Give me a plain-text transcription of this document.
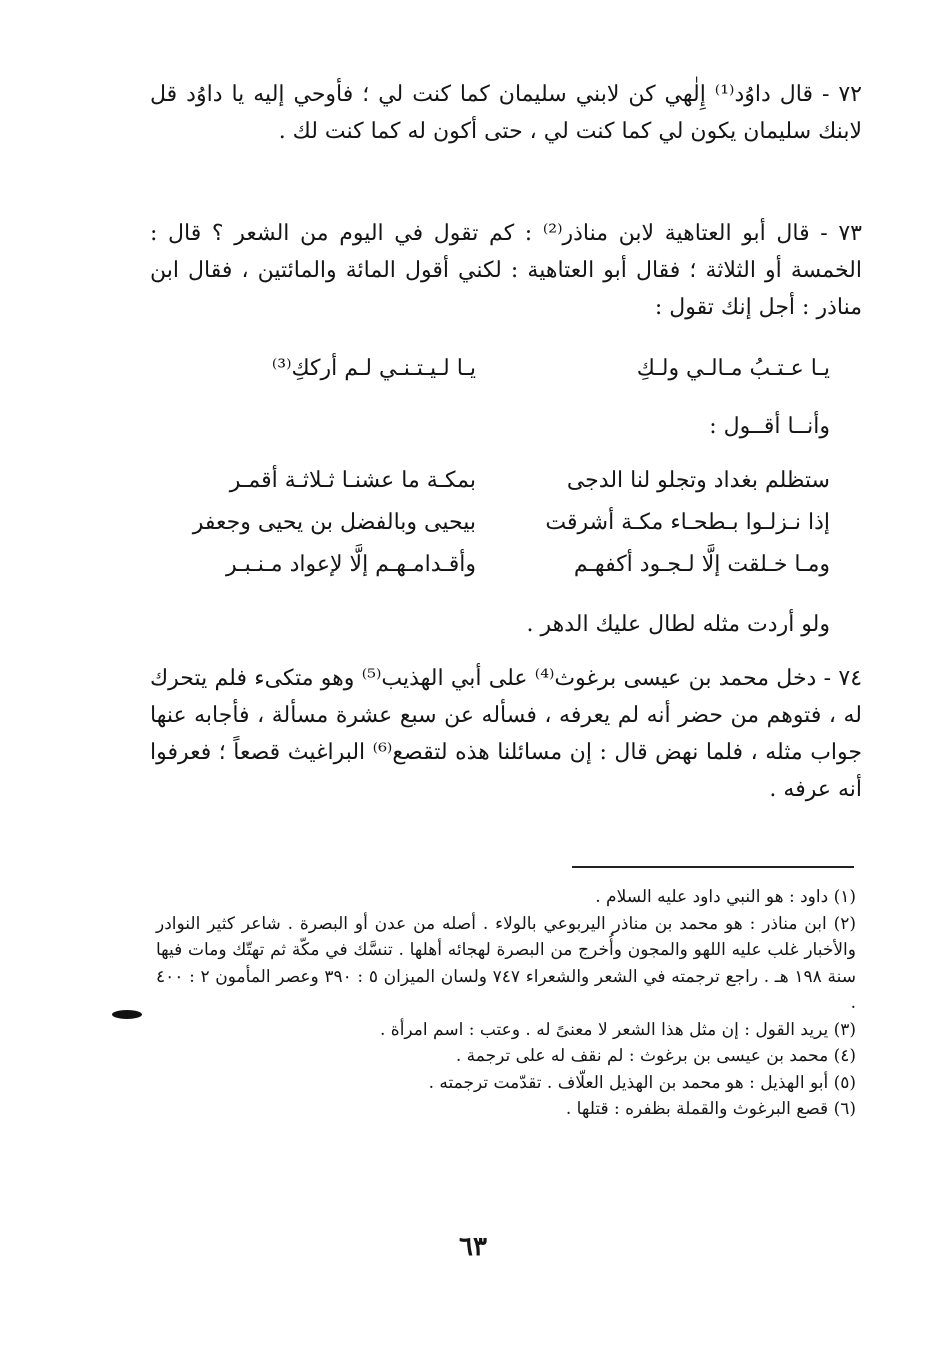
٧٢ - قال داوُد⁽¹⁾ إِلٰهي كن لابني سليمان كما كنت لي ؛ فأوحي إليه يا داوُد قل لابنك سليمان يكون لي كما كنت لي ، حتى أكون له كما كنت لك .

٧٣ - قال أبو العتاهية لابن مناذر⁽²⁾ : كم تقول في اليوم من الشعر ؟ قال : الخمسة أو الثلاثة ؛ فقال أبو العتاهية : لكني أقول المائة والمائتين ، فقال ابن مناذر : أجل إنك تقول :

يـا عـتـبُ مـالـي ولـكِ
يـا لـيـتـنـي لـم أرككِ⁽³⁾
وأنــا أقــول :
ستظلم بغداد وتجلو لنا الدجى
بمكـة ما عشنـا ثـلاثـة أقمـر
إذا نـزلـوا بـطحـاء مكـة أشرقت
بيحيى وبالفضل بن يحيى وجعفر
ومـا خـلقت إلَّا لـجـود أكفهـم
وأقـدامـهـم إلَّا لإعواد مـنـبـر
ولو أردت مثله لطال عليك الدهر .

٧٤ - دخل محمد بن عيسى برغوث⁽⁴⁾ على أبي الهذيب⁽⁵⁾ وهو متكىء فلم يتحرك له ، فتوهم من حضر أنه لم يعرفه ، فسأله عن سبع عشرة مسألة ، فأجابه عنها جواب مثله ، فلما نهض قال : إن مسائلنا هذه لتقصع⁽⁶⁾ البراغيث قصعاً ؛ فعرفوا أنه عرفه .

(١) داود : هو النبي داود عليه السلام .

(٢) ابن مناذر : هو محمد بن مناذر اليربوعي بالولاء . أصله من عدن أو البصرة . شاعر كثير النوادر والأخبار غلب عليه اللهو والمجون وأُخرج من البصرة لهجائه أهلها . تنسَّك في مكّة ثم تهتّك ومات فيها سنة ١٩٨ هـ . راجع ترجمته في الشعر والشعراء ٧٤٧ ولسان الميزان ٥ : ٣٩٠ وعصر المأمون ٢ : ٤٠٠ .

(٣) يريد القول : إن مثل هذا الشعر لا معنىً له . وعتب : اسم امرأة .

(٤) محمد بن عيسى بن برغوث : لم نقف له على ترجمة .

(٥) أبو الهذيل : هو محمد بن الهذيل العلّاف . تقدّمت ترجمته .

(٦) قصع البرغوث والقملة بظفره : قتلها .

٦٣
